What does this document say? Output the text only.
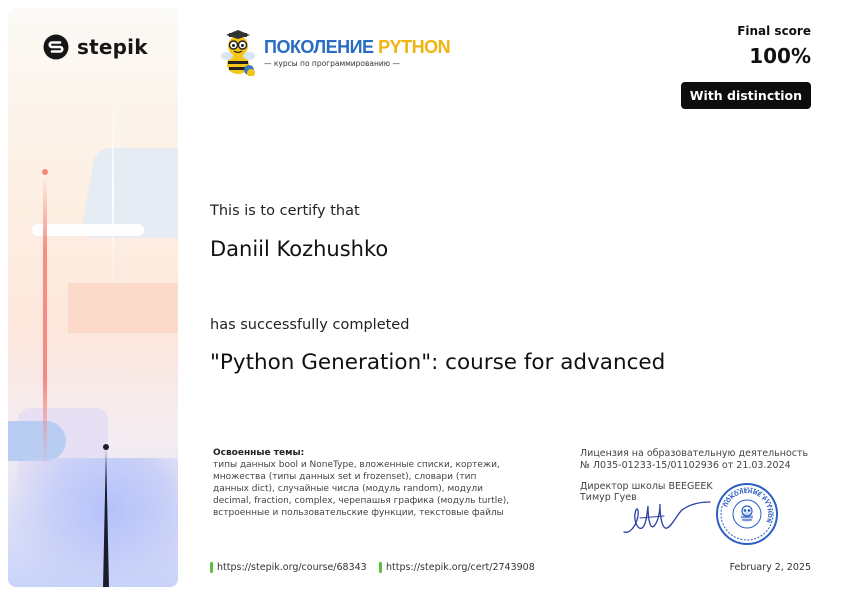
stepik	ПОКОЛЕНИЕ PYTHON
— курсы по программированию —
Final score
100%
With distinction
This is to certify that
Daniil Kozhushko
has successfully completed
"Python Generation": course for advanced
Освоенные темы:
типы данных bool и NoneType, вложенные списки, кортежи,
множества (типы данных set и frozenset), словари (тип
данных dict), случайные числа (модуль random), модули
decimal, fraction, complex, черепашья графика (модуль turtle),
встроенные и пользовательские функции, текстовые файлы
Лицензия на образовательную деятельность
№ Л035-01233-15/01102936 от 21.03.2024
Директор школы BEEGEEK
Тимур Гуев
ПОКОЛЕНИЕ PYTHON
https://stepik.org/course/68343 https://stepik.org/cert/2743908	February 2, 2025
